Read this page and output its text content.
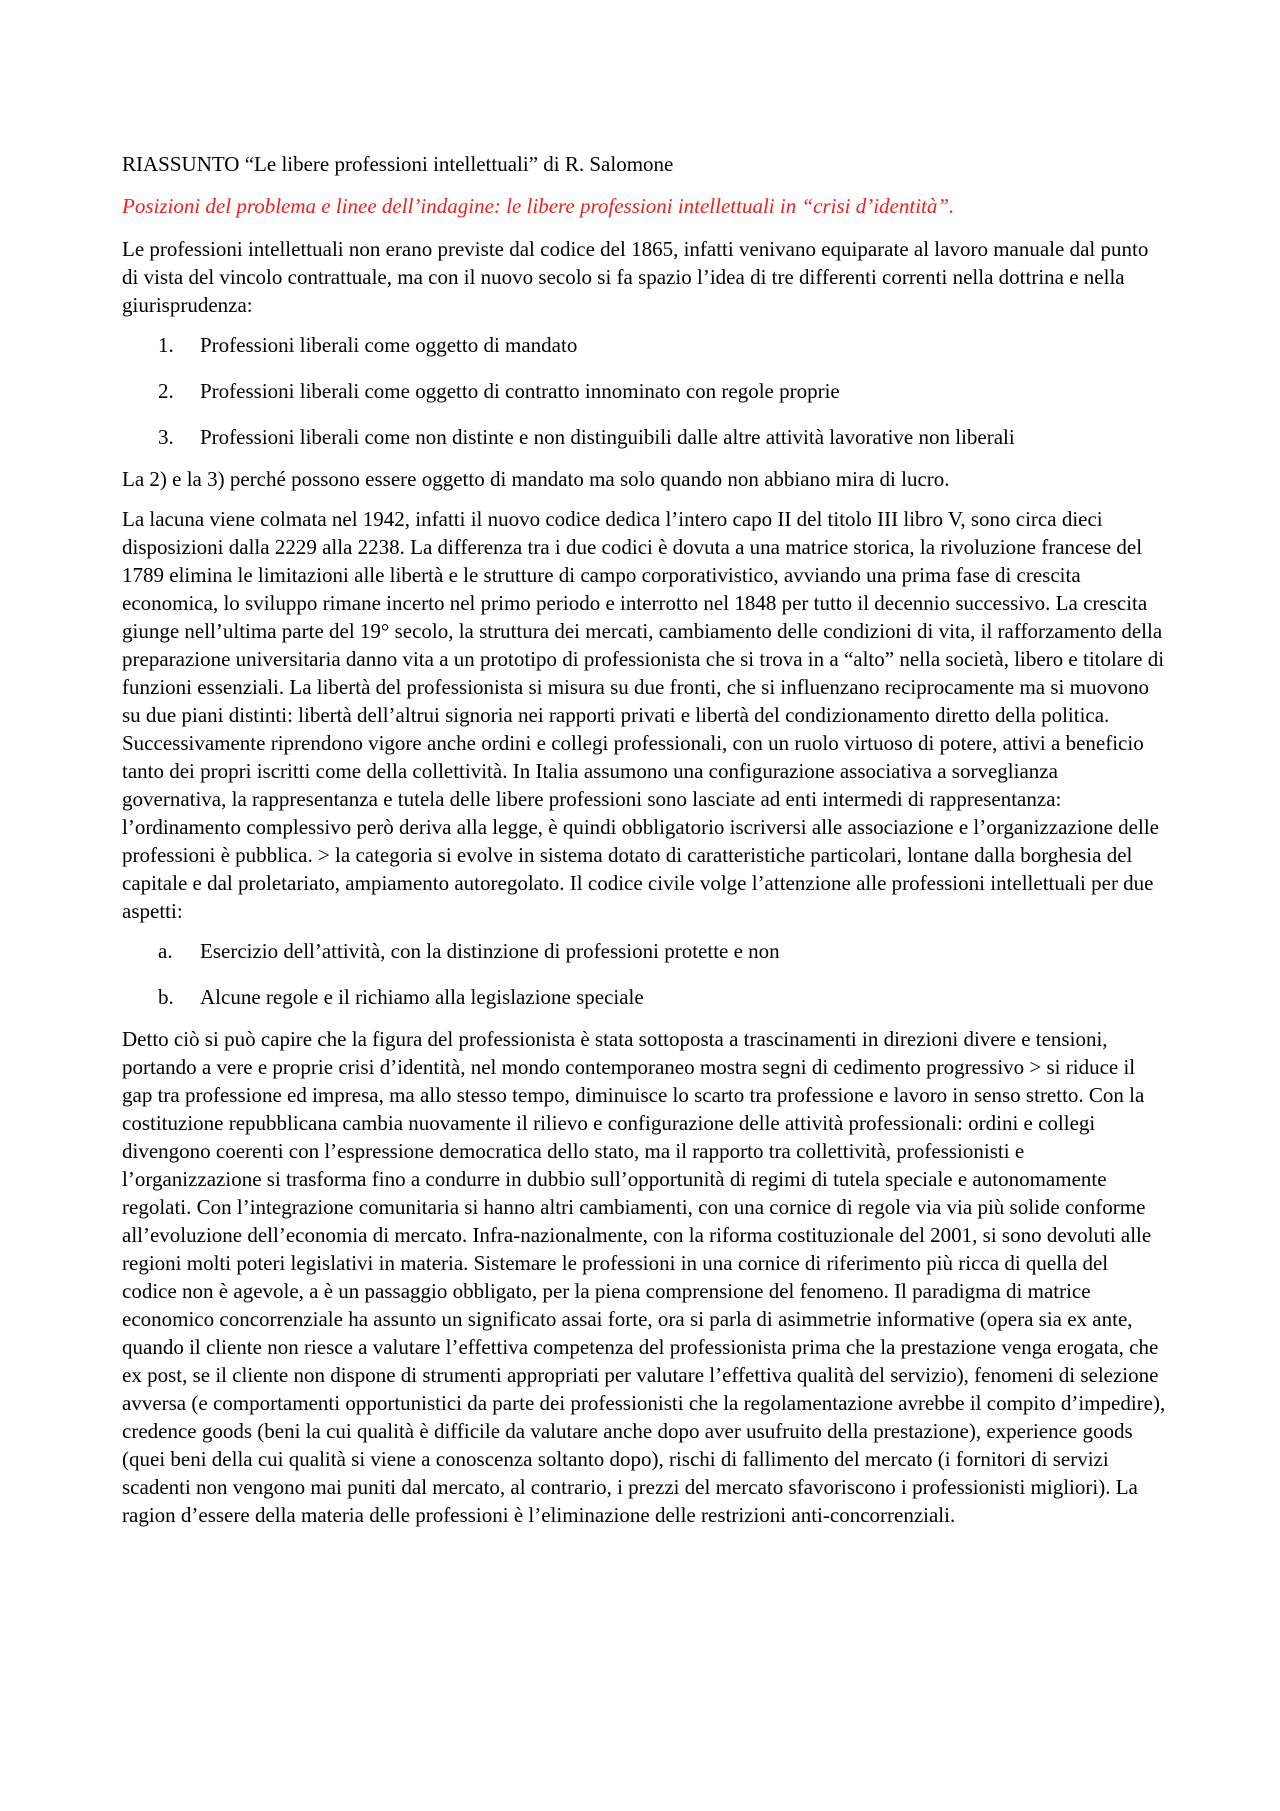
RIASSUNTO “Le libere professioni intellettuali” di R. Salomone

Posizioni del problema e linee dell’indagine: le libere professioni intellettuali in “crisi d’identità”.

Le professioni intellettuali non erano previste dal codice del 1865, infatti venivano equiparate al lavoro manuale dal punto di vista del vincolo contrattuale, ma con il nuovo secolo si fa spazio l’idea di tre differenti correnti nella dottrina e nella giurisprudenza:

1. Professioni liberali come oggetto di mandato
2. Professioni liberali come oggetto di contratto innominato con regole proprie
3. Professioni liberali come non distinte e non distinguibili dalle altre attività lavorative non liberali

La 2) e la 3) perché possono essere oggetto di mandato ma solo quando non abbiano mira di lucro.

La lacuna viene colmata nel 1942, infatti il nuovo codice dedica l’intero capo II del titolo III libro V, sono circa dieci disposizioni dalla 2229 alla 2238. La differenza tra i due codici è dovuta a una matrice storica, la rivoluzione francese del 1789 elimina le limitazioni alle libertà e le strutture di campo corporativistico, avviando una prima fase di crescita economica, lo sviluppo rimane incerto nel primo periodo e interrotto nel 1848 per tutto il decennio successivo. La crescita giunge nell’ultima parte del 19° secolo, la struttura dei mercati, cambiamento delle condizioni di vita, il rafforzamento della preparazione universitaria danno vita a un prototipo di professionista che si trova in a “alto” nella società, libero e titolare di funzioni essenziali. La libertà del professionista si misura su due fronti, che si influenzano reciprocamente ma si muovono su due piani distinti: libertà dell’altrui signoria nei rapporti privati e libertà del condizionamento diretto della politica. Successivamente riprendono vigore anche ordini e collegi professionali, con un ruolo virtuoso di potere, attivi a beneficio tanto dei propri iscritti come della collettività. In Italia assumono una configurazione associativa a sorveglianza governativa, la rappresentanza e tutela delle libere professioni sono lasciate ad enti intermedi di rappresentanza: l’ordinamento complessivo però deriva alla legge, è quindi obbligatorio iscriversi alle associazione e l’organizzazione delle professioni è pubblica. > la categoria si evolve in sistema dotato di caratteristiche particolari, lontane dalla borghesia del capitale e dal proletariato, ampiamento autoregolato. Il codice civile volge l’attenzione alle professioni intellettuali per due aspetti:

a. Esercizio dell’attività, con la distinzione di professioni protette e non
b. Alcune regole e il richiamo alla legislazione speciale

Detto ciò si può capire che la figura del professionista è stata sottoposta a trascinamenti in direzioni divere e tensioni, portando a vere e proprie crisi d’identità, nel mondo contemporaneo mostra segni di cedimento progressivo > si riduce il gap tra professione ed impresa, ma allo stesso tempo, diminuisce lo scarto tra professione e lavoro in senso stretto. Con la costituzione repubblicana cambia nuovamente il rilievo e configurazione delle attività professionali: ordini e collegi divengono coerenti con l’espressione democratica dello stato, ma il rapporto tra collettività, professionisti e l’organizzazione si trasforma fino a condurre in dubbio sull’opportunità di regimi di tutela speciale e autonomamente regolati. Con l’integrazione comunitaria si hanno altri cambiamenti, con una cornice di regole via via più solide conforme all’evoluzione dell’economia di mercato. Infra-nazionalmente, con la riforma costituzionale del 2001, si sono devoluti alle regioni molti poteri legislativi in materia. Sistemare le professioni in una cornice di riferimento più ricca di quella del codice non è agevole, a è un passaggio obbligato, per la piena comprensione del fenomeno. Il paradigma di matrice economico concorrenziale ha assunto un significato assai forte, ora si parla di asimmetrie informative (opera sia ex ante, quando il cliente non riesce a valutare l’effettiva competenza del professionista prima che la prestazione venga erogata, che ex post, se il cliente non dispone di strumenti appropriati per valutare l’effettiva qualità del servizio), fenomeni di selezione avversa (e comportamenti opportunistici da parte dei professionisti che la regolamentazione avrebbe il compito d’impedire), credence goods (beni la cui qualità è difficile da valutare anche dopo aver usufruito della prestazione), experience goods (quei beni della cui qualità si viene a conoscenza soltanto dopo), rischi di fallimento del mercato (i fornitori di servizi scadenti non vengono mai puniti dal mercato, al contrario, i prezzi del mercato sfavoriscono i professionisti migliori). La ragion d’essere della materia delle professioni è l’eliminazione delle restrizioni anti-concorrenziali.
